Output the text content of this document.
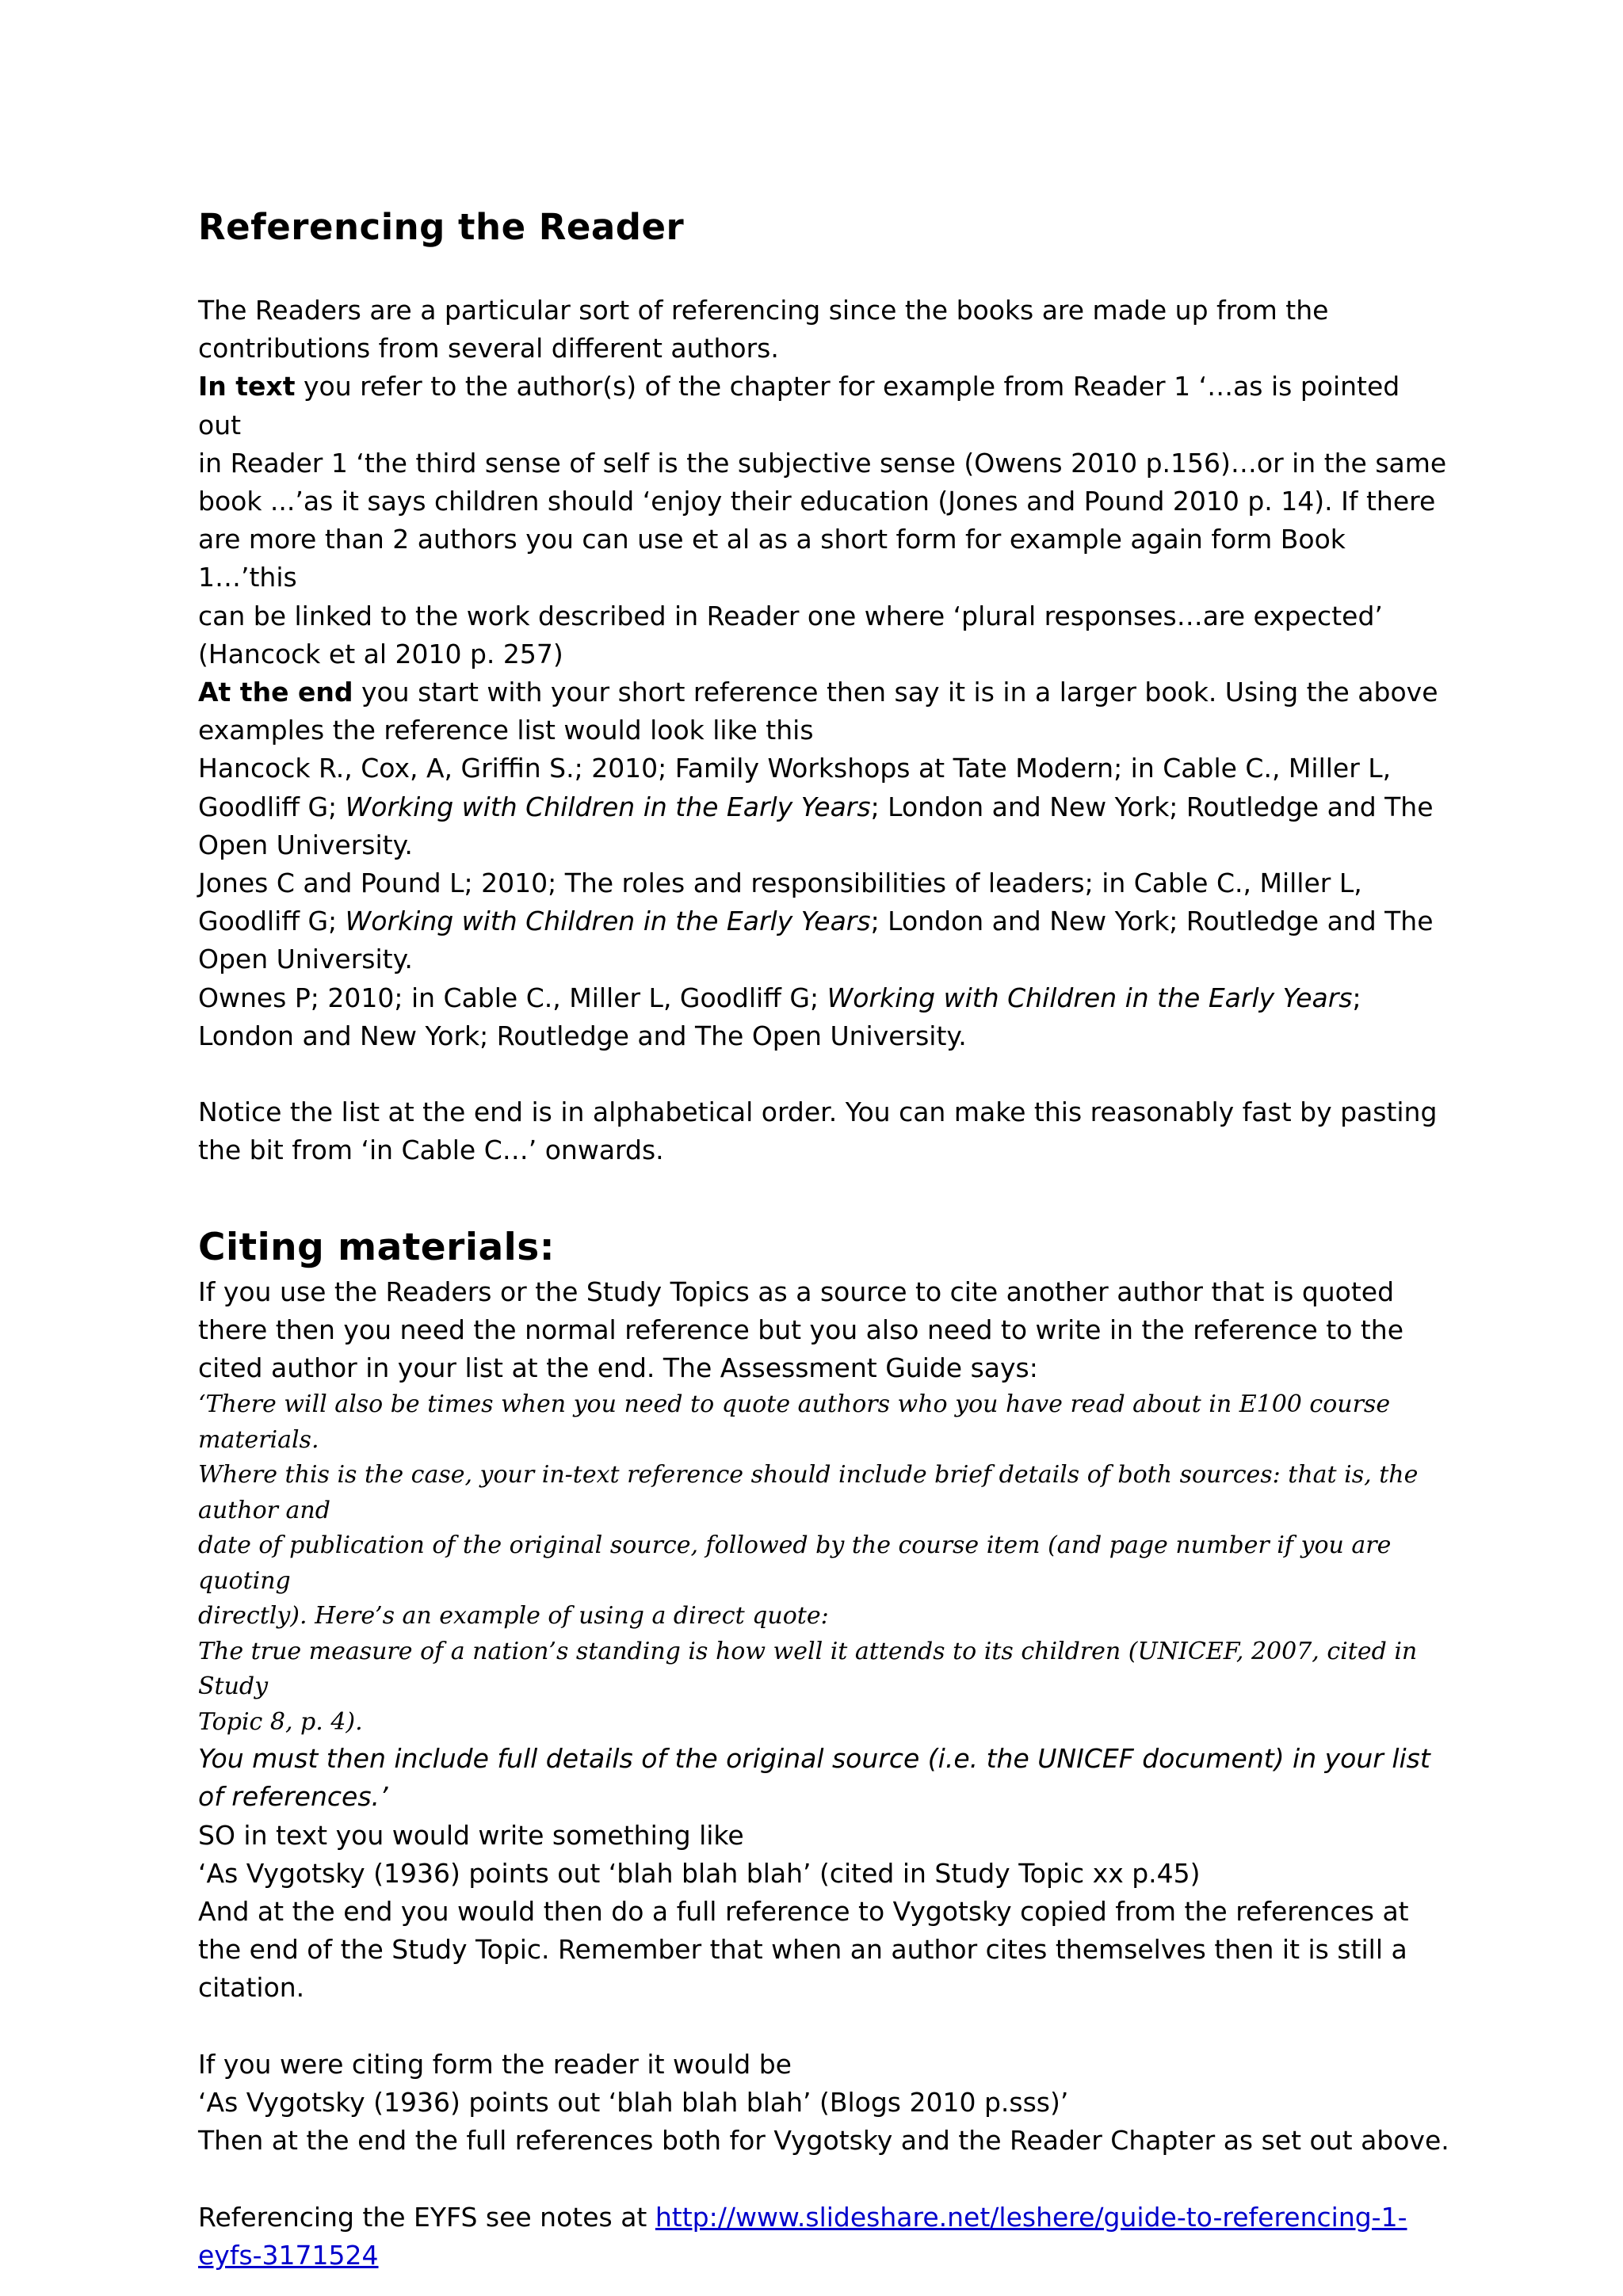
Referencing the Reader

The Readers are a particular sort of referencing since the books are made up from the

contributions from several different authors.

In text you refer to the author(s) of the chapter for example from Reader 1 ‘…as is pointed out

in Reader 1 ‘the third sense of self is the subjective sense (Owens 2010 p.156)…or in the same

book ...’as it says children should ‘enjoy their education (Jones and Pound 2010 p. 14). If there

are more than 2 authors you can use et al as a short form for example again form Book 1…’this

can be linked to the work described in Reader one where ‘plural responses…are expected’

(Hancock et al 2010 p. 257)

At the end you start with your short reference then say it is in a larger book. Using the above

examples the reference list would look like this

Hancock R., Cox, A, Griffin S.; 2010; Family Workshops at Tate Modern; in Cable C., Miller L,

Goodliff G; Working with Children in the Early Years; London and New York; Routledge and The

Open University.

Jones C and Pound L; 2010; The roles and responsibilities of leaders; in Cable C., Miller L,

Goodliff G; Working with Children in the Early Years; London and New York; Routledge and The

Open University.

Ownes P; 2010; in Cable C., Miller L, Goodliff G; Working with Children in the Early Years;

London and New York; Routledge and The Open University.

Notice the list at the end is in alphabetical order. You can make this reasonably fast by pasting

the bit from ‘in Cable C…’ onwards.

Citing materials:

If you use the Readers or the Study Topics as a source to cite another author that is quoted

there then you need the normal reference but you also need to write in the reference to the

cited author in your list at the end. The Assessment Guide says:

‘There will also be times when you need to quote authors who you have read about in E100 course materials.

Where this is the case, your in-text reference should include brief details of both sources: that is, the author and

date of publication of the original source, followed by the course item (and page number if you are quoting

directly). Here’s an example of using a direct quote:

The true measure of a nation’s standing is how well it attends to its children (UNICEF, 2007, cited in Study

Topic 8, p. 4).

You must then include full details of the original source (i.e. the UNICEF document) in your list

of references.’

SO in text you would write something like

‘As Vygotsky (1936) points out ‘blah blah blah’ (cited in Study Topic xx p.45)

And at the end you would then do a full reference to Vygotsky copied from the references at

the end of the Study Topic. Remember that when an author cites themselves then it is still a

citation.

If you were citing form the reader it would be

‘As Vygotsky (1936) points out ‘blah blah blah’ (Blogs 2010 p.sss)’

Then at the end the full references both for Vygotsky and the Reader Chapter as set out above.

Referencing the EYFS see notes at http://www.slideshare.net/leshere/guide-to-referencing-1-

eyfs-3171524
